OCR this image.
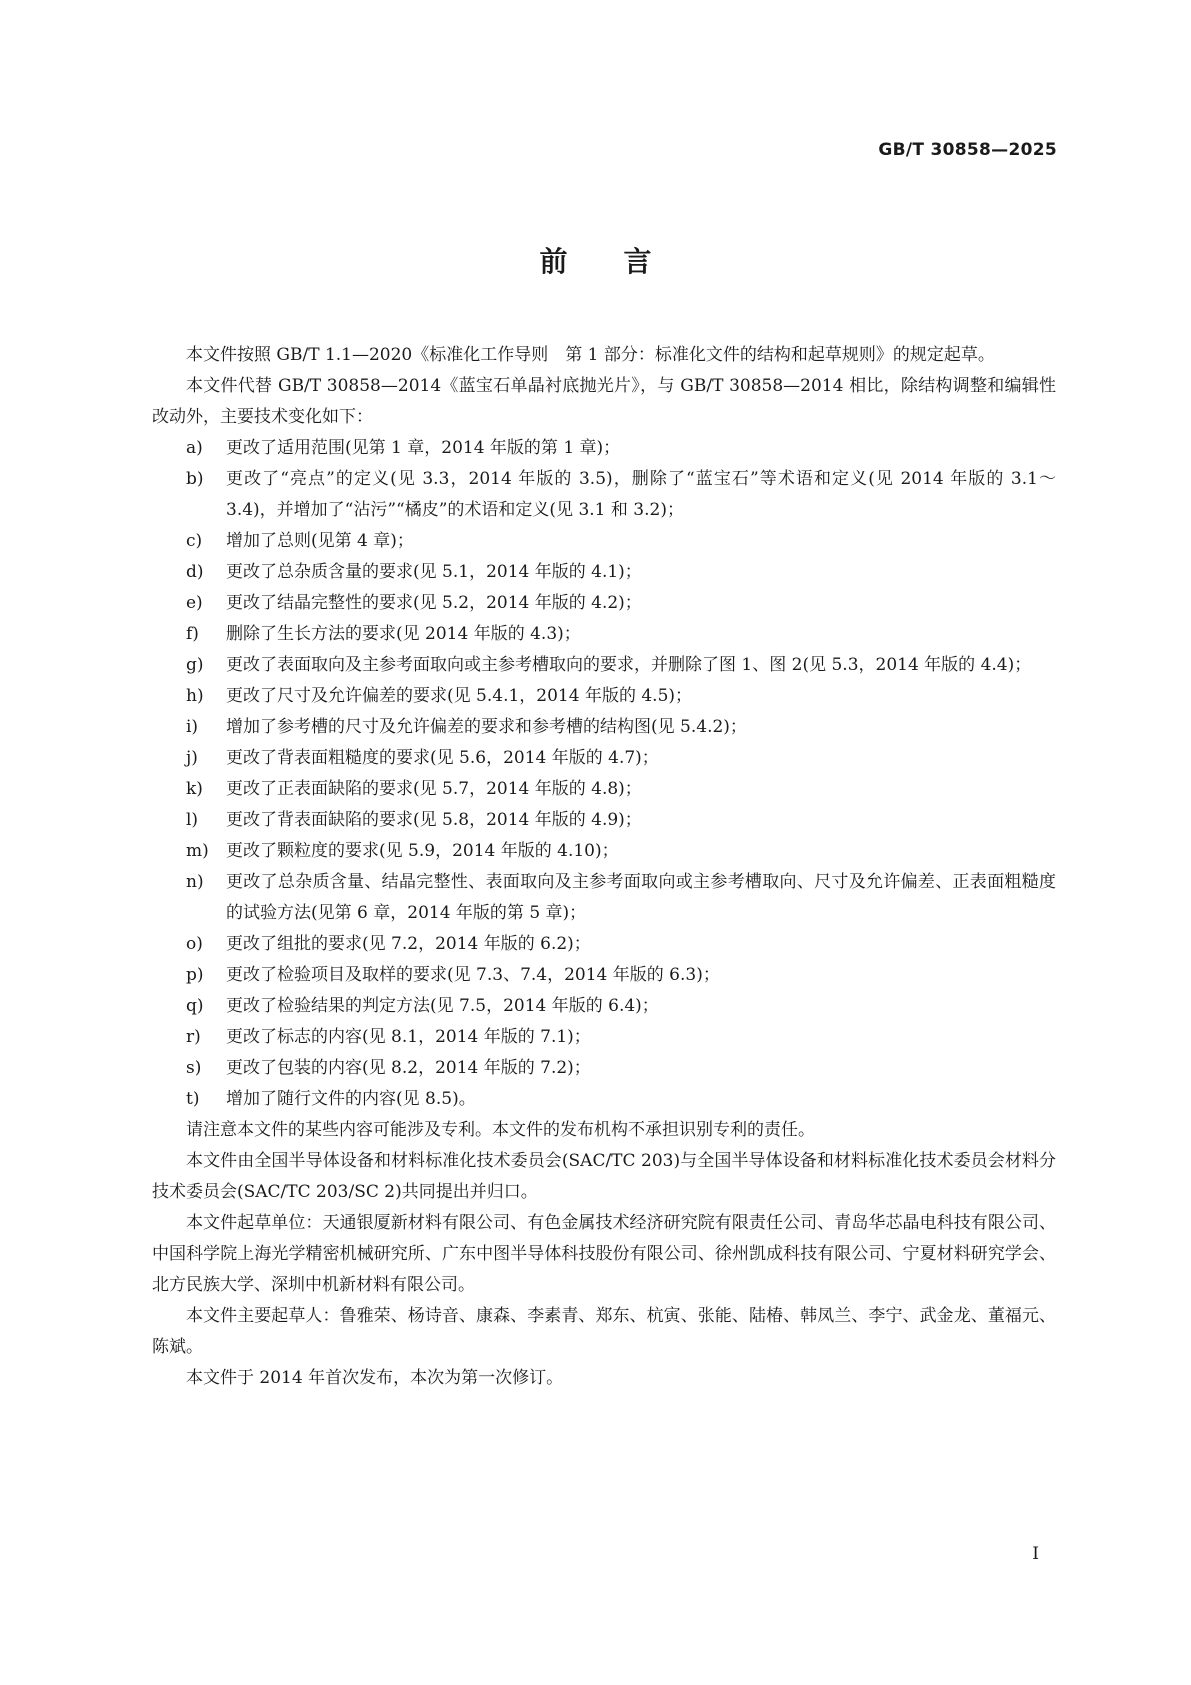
GB/T 30858—2025
前言

本文件按照 GB/T 1.1—2020《标准化工作导则　第 1 部分：标准化文件的结构和起草规则》的规定起草。

本文件代替 GB/T 30858—2014《蓝宝石单晶衬底抛光片》，与 GB/T 30858—2014 相比，除结构调整和编辑性改动外，主要技术变化如下：

a)	更改了适用范围(见第 1 章，2014 年版的第 1 章)；
b)	更改了“亮点”的定义(见 3.3，2014 年版的 3.5)，删除了“蓝宝石”等术语和定义(见 2014 年版的 3.1～3.4)，并增加了“沾污”“橘皮”的术语和定义(见 3.1 和 3.2)；
c)	增加了总则(见第 4 章)；
d)	更改了总杂质含量的要求(见 5.1，2014 年版的 4.1)；
e)	更改了结晶完整性的要求(见 5.2，2014 年版的 4.2)；
f)	删除了生长方法的要求(见 2014 年版的 4.3)；
g)	更改了表面取向及主参考面取向或主参考槽取向的要求，并删除了图 1、图 2(见 5.3，2014 年版的 4.4)；
h)	更改了尺寸及允许偏差的要求(见 5.4.1，2014 年版的 4.5)；
i)	增加了参考槽的尺寸及允许偏差的要求和参考槽的结构图(见 5.4.2)；
j)	更改了背表面粗糙度的要求(见 5.6，2014 年版的 4.7)；
k)	更改了正表面缺陷的要求(见 5.7，2014 年版的 4.8)；
l)	更改了背表面缺陷的要求(见 5.8，2014 年版的 4.9)；
m)	更改了颗粒度的要求(见 5.9，2014 年版的 4.10)；
n)	更改了总杂质含量、结晶完整性、表面取向及主参考面取向或主参考槽取向、尺寸及允许偏差、正表面粗糙度的试验方法(见第 6 章，2014 年版的第 5 章)；
o)	更改了组批的要求(见 7.2，2014 年版的 6.2)；
p)	更改了检验项目及取样的要求(见 7.3、7.4，2014 年版的 6.3)；
q)	更改了检验结果的判定方法(见 7.5，2014 年版的 6.4)；
r)	更改了标志的内容(见 8.1，2014 年版的 7.1)；
s)	更改了包装的内容(见 8.2，2014 年版的 7.2)；
t)	增加了随行文件的内容(见 8.5)。

请注意本文件的某些内容可能涉及专利。本文件的发布机构不承担识别专利的责任。

本文件由全国半导体设备和材料标准化技术委员会(SAC/TC 203)与全国半导体设备和材料标准化技术委员会材料分技术委员会(SAC/TC 203/SC 2)共同提出并归口。

本文件起草单位：天通银厦新材料有限公司、有色金属技术经济研究院有限责任公司、青岛华芯晶电科技有限公司、中国科学院上海光学精密机械研究所、广东中图半导体科技股份有限公司、徐州凯成科技有限公司、宁夏材料研究学会、北方民族大学、深圳中机新材料有限公司。

本文件主要起草人：鲁雅荣、杨诗音、康森、李素青、郑东、杭寅、张能、陆椿、韩凤兰、李宁、武金龙、董福元、陈斌。

本文件于 2014 年首次发布，本次为第一次修订。

I
